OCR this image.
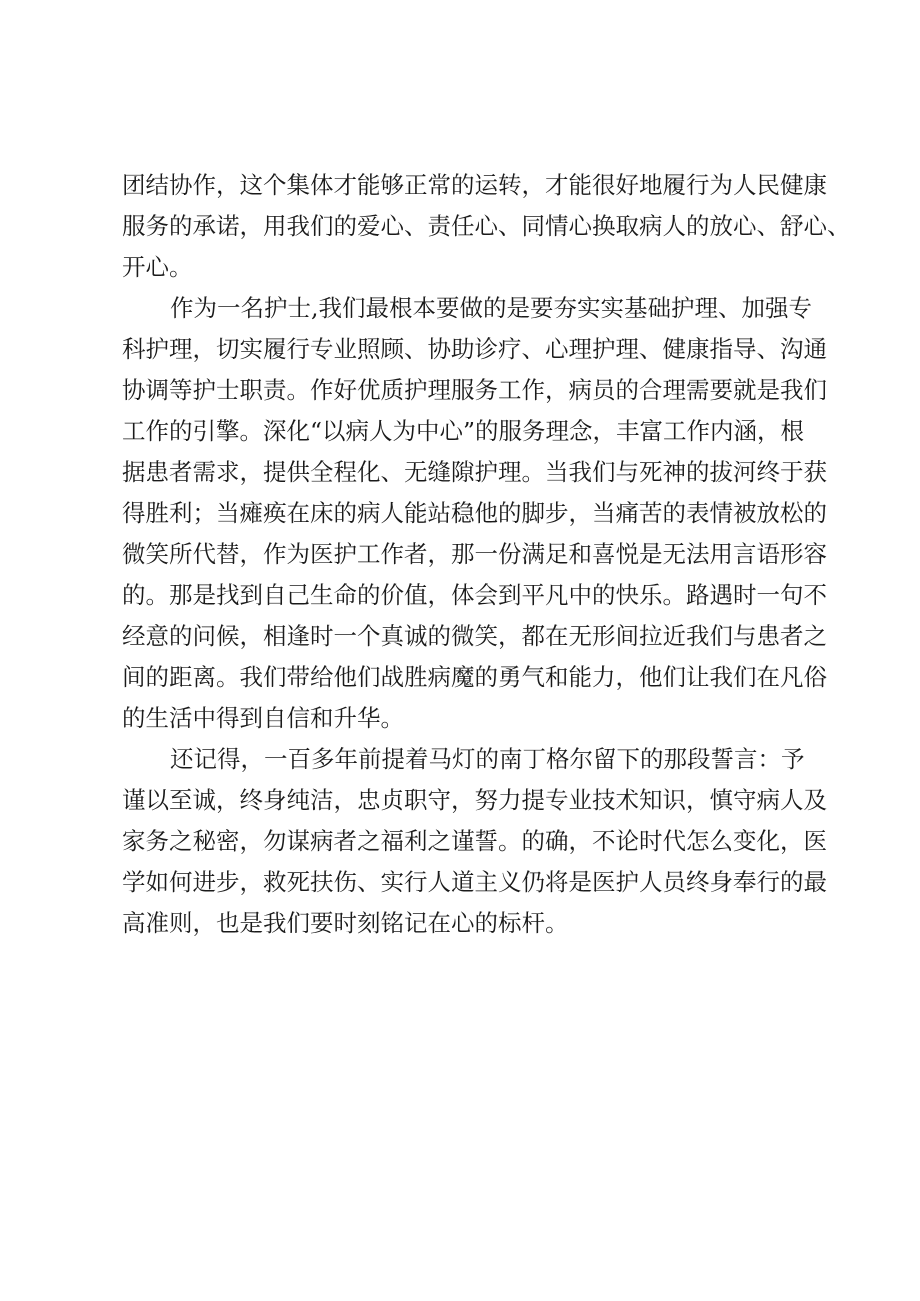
团结协作，这个集体才能够正常的运转，才能很好地履行为人民健康
服务的承诺，用我们的爱心、责任心、同情心换取病人的放心、舒心、
开心。
作为一名护士,我们最根本要做的是要夯实实基础护理、加强专
科护理，切实履行专业照顾、协助诊疗、心理护理、健康指导、沟通
协调等护士职责。作好优质护理服务工作，病员的合理需要就是我们
工作的引擎。深化“以病人为中心”的服务理念，丰富工作内涵，根
据患者需求，提供全程化、无缝隙护理。当我们与死神的拔河终于获
得胜利；当瘫痪在床的病人能站稳他的脚步，当痛苦的表情被放松的
微笑所代替，作为医护工作者，那一份满足和喜悦是无法用言语形容
的。那是找到自己生命的价值，体会到平凡中的快乐。路遇时一句不
经意的问候，相逢时一个真诚的微笑，都在无形间拉近我们与患者之
间的距离。我们带给他们战胜病魔的勇气和能力，他们让我们在凡俗
的生活中得到自信和升华。
还记得，一百多年前提着马灯的南丁格尔留下的那段誓言：予
谨以至诚，终身纯洁，忠贞职守，努力提专业技术知识，慎守病人及
家务之秘密，勿谋病者之福利之谨誓。的确，不论时代怎么变化，医
学如何进步，救死扶伤、实行人道主义仍将是医护人员终身奉行的最
高准则，也是我们要时刻铭记在心的标杆。
